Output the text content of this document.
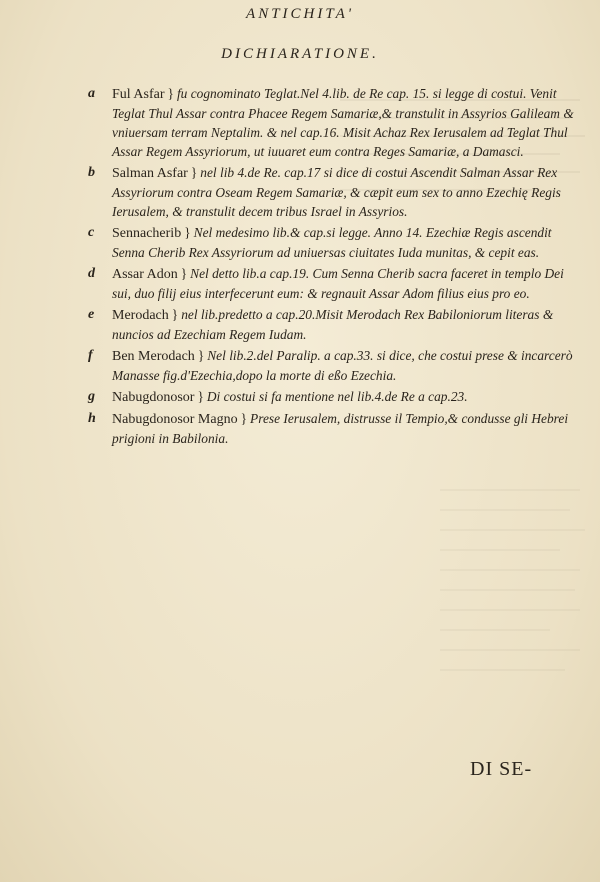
ANTICHITA'
DICHIARATIONE.
a Ful Asfar } fu cognominato Teglat.Nel 4.lib. de Re cap. 15. si legge di costui. Venit Teglat Thul Assar contra Phacee Regem Samariæ,& transtulit in Assyrios Galileam & vniuersam terram Neptalim. & nel cap.16. Misit Achaz Rex Ierusalem ad Teglat Thul Assar Regem Assyriorum, ut iuuaret eum contra Reges Samariæ, a Damasci.
b Salman Asfar } nel lib 4.de Re. cap.17 si dice di costui Ascendit Salman Assar Rex Assyriorum contra Oseam Regem Samariæ, & cæpit eum sex to anno Ezechię Regis Ierusalem, & transtulit decem tribus Israel in Assyrios.
c Sennacherib } Nel medesimo lib.& cap.si legge. Anno 14. Ezechiæ Regis ascendit Senna Cherib Rex Assyriorum ad uniuersas ciuitates Iuda munitas, & cepit eas.
d Assar Adon } Nel detto lib.a cap.19. Cum Senna Cherib sacra faceret in templo Dei sui, duo filij eius interfecerunt eum: & regnauit Assar Adom filius eius pro eo.
e Merodach } nel lib.predetto a cap.20.Misit Merodach Rex Babiloniorum literas & nuncios ad Ezechiam Regem Iudam.
f Ben Merodach } Nel lib.2.del Paralip. a cap.33. si dice, che costui prese & incarcerò Manasse fig.d'Ezechia,dopo la morte di eßo Ezechia.
g Nabugdonosor } Di costui si fa mentione nel lib.4.de Re a cap.23.
h Nabugdonosor Magno } Prese Ierusalem, distrusse il Tempio,& condusse gli Hebrei prigioni in Babilonia.
DI SE-
